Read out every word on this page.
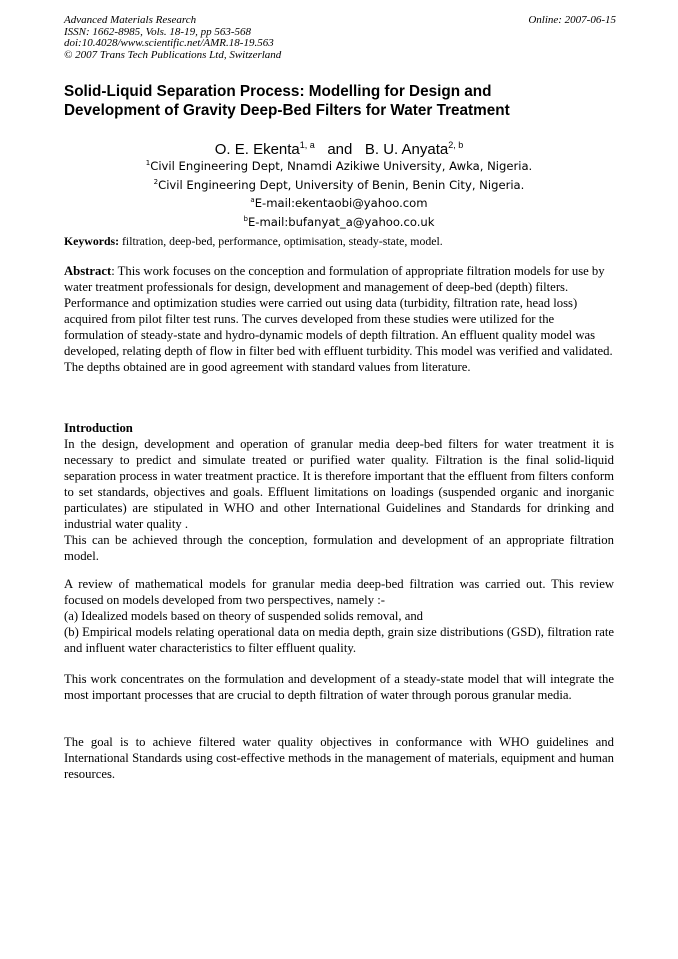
Advanced Materials Research
ISSN: 1662-8985, Vols. 18-19, pp 563-568
doi:10.4028/www.scientific.net/AMR.18-19.563
© 2007 Trans Tech Publications Ltd, Switzerland
Online: 2007-06-15
Solid-Liquid Separation Process: Modelling for Design and
Development of Gravity Deep-Bed Filters for Water Treatment
O. E. Ekenta$^{1, a}$ and B. U. Anyata$^{2, b}$
$^1$Civil Engineering Dept, Nnamdi Azikiwe University, Awka, Nigeria.
$^2$Civil Engineering Dept, University of Benin, Benin City, Nigeria.
$^a$E-mail:ekentaobi@yahoo.com
$^b$E-mail:bufanyat_a@yahoo.co.uk
Keywords: filtration, deep-bed, performance, optimisation, steady-state, model.

Abstract: This work focuses on the conception and formulation of appropriate filtration models for use by water treatment professionals for design, development and management of deep-bed (depth) filters. Performance and optimization studies were carried out using data (turbidity, filtration rate, head loss) acquired from pilot filter test runs. The curves developed from these studies were utilized for the formulation of steady-state and hydro-dynamic models of depth filtration. An effluent quality model was developed, relating depth of flow in filter bed with effluent turbidity. This model was verified and validated. The depths obtained are in good agreement with standard values from literature.

Introduction

In the design, development and operation of granular media deep-bed filters for water treatment it is necessary to predict and simulate treated or purified water quality. Filtration is the final solid-liquid separation process in water treatment practice. It is therefore important that the effluent from filters conform to set standards, objectives and goals. Effluent limitations on loadings (suspended organic and inorganic particulates) are stipulated in WHO and other International Guidelines and Standards for drinking and industrial water quality .

This can be achieved through the conception, formulation and development of an appropriate filtration model.

A review of mathematical models for granular media deep-bed filtration was carried out. This review focused on models developed from two perspectives, namely :-

(a) Idealized models based on theory of suspended solids removal, and

(b) Empirical models relating operational data on media depth, grain size distributions (GSD), filtration rate and influent water characteristics to filter effluent quality.

This work concentrates on the formulation and development of a steady-state model that will integrate the most important processes that are crucial to depth filtration of water through porous granular media.
The goal is to achieve filtered water quality objectives in conformance with WHO guidelines and International Standards using cost-effective methods in the management of materials, equipment and human resources.
